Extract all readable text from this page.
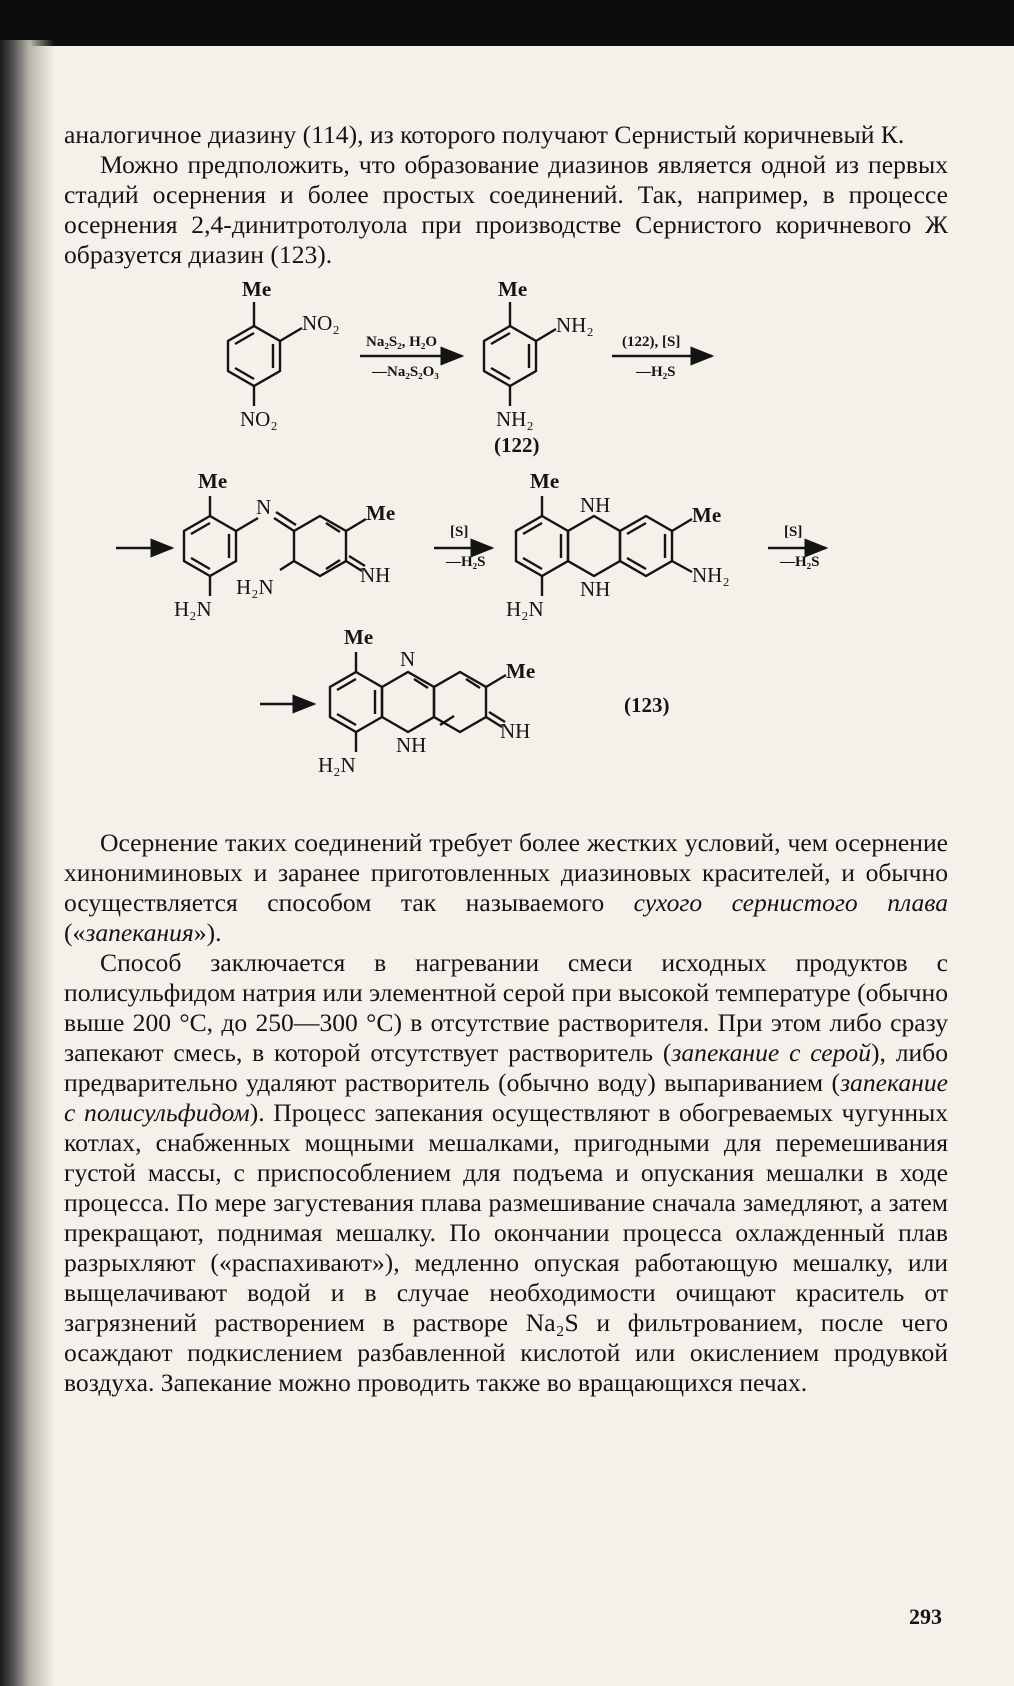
аналогичное диазину (114), из которого получают Сернистый коричневый К.

Можно предположить, что образование диазинов является одной из первых стадий осернения и более простых соединений. Так, например, в процессе осернения 2,4-динитротолуола при производстве Сернистого коричневого Ж образуется диазин (123).

Me
NO₂
NO₂
Na₂S₂, H₂O
—Na₂S₂O₃
Me
NH₂
NH₂
(122)
(122), [S]
—H₂S
Me
N	Me
NH
H₂N
H₂N
[S]
—H₂S
Me
NH
NH
Me
NH₂
H₂N
[S]
—H₂S
Me
N
NH
Me
NH
H₂N
(123)

Осернение таких соединений требует более жестких условий, чем осернение хинониминовых и заранее приготовленных диазиновых красителей, и обычно осуществляется способом так называемого сухого сернистого плава («запекания»).

Способ заключается в нагревании смеси исходных продуктов с полисульфидом натрия или элементной серой при высокой температуре (обычно выше 200 °С, до 250—300 °С) в отсутствие растворителя. При этом либо сразу запекают смесь, в которой отсутствует растворитель (запекание с серой), либо предварительно удаляют растворитель (обычно воду) выпариванием (запекание с полисульфидом). Процесс запекания осуществляют в обогреваемых чугунных котлах, снабженных мощными мешалками, пригодными для перемешивания густой массы, с приспособлением для подъема и опускания мешалки в ходе процесса. По мере загустевания плава размешивание сначала замедляют, а затем прекращают, поднимая мешалку. По окончании процесса охлажденный плав разрыхляют («распахивают»), медленно опуская работающую мешалку, или выщелачивают водой и в случае необходимости очищают краситель от загрязнений растворением в растворе Na₂S и фильтрованием, после чего осаждают подкислением разбавленной кислотой или окислением продувкой воздуха. Запекание можно проводить также во вращающихся печах.

293
